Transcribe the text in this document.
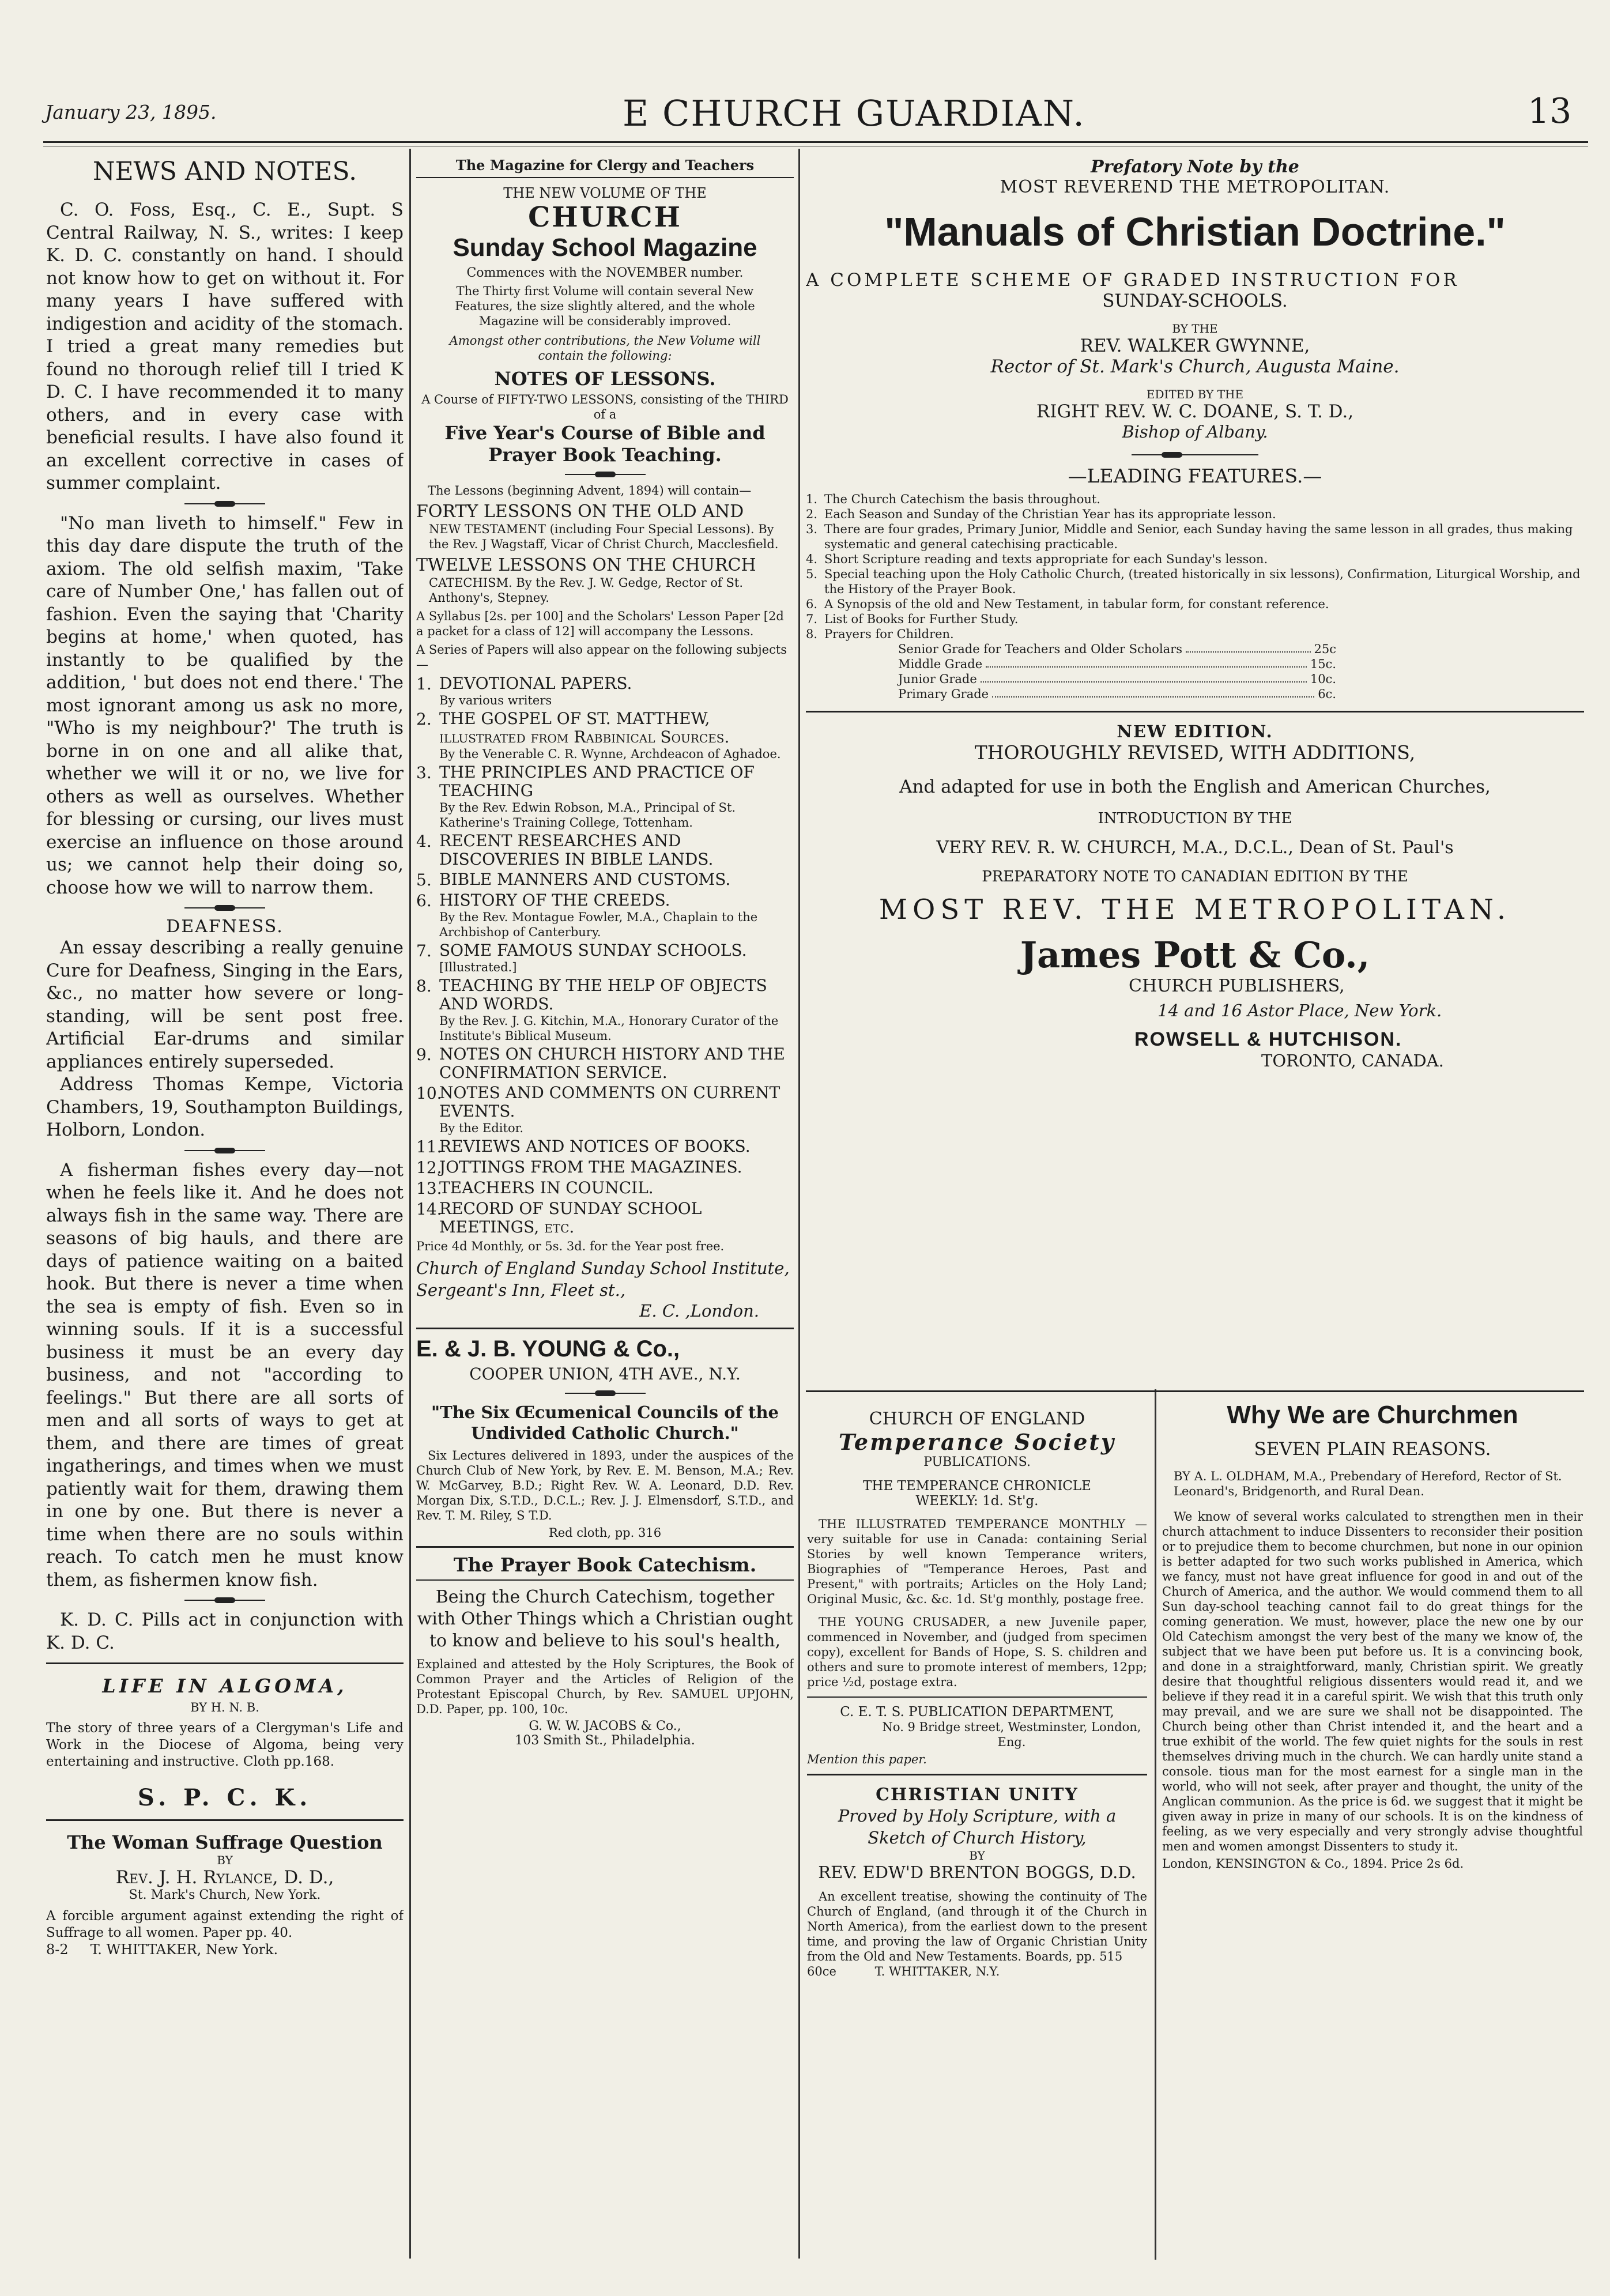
January 23, 1895.	E CHURCH GUARDIAN.	13
NEWS AND NOTES.

C. O. Foss, Esq., C. E., Supt. S Central Railway, N. S., writes: I keep K. D. C. constantly on hand. I should not know how to get on without it. For many years I have suffered with indigestion and acidity of the stomach. I tried a great many remedies but found no thorough relief till I tried K D. C. I have recommended it to many others, and in every case with beneficial results. I have also found it an excellent corrective in cases of summer complaint.

"No man liveth to himself." Few in this day dare dispute the truth of the axiom. The old selfish maxim, 'Take care of Number One,' has fallen out of fashion. Even the saying that 'Charity begins at home,' when quoted, has instantly to be qualified by the addition, ' but does not end there.' The most ignorant among us ask no more, "Who is my neighbour?' The truth is borne in on one and all alike that, whether we will it or no, we live for others as well as ourselves. Whether for blessing or cursing, our lives must exercise an influence on those around us; we cannot help their doing so, choose how we will to narrow them.

DEAFNESS.

An essay describing a really genuine Cure for Deafness, Singing in the Ears, &c., no matter how severe or long-standing, will be sent post free. Artificial Ear-drums and similar appliances entirely superseded.

Address Thomas Kempe, Victoria Chambers, 19, Southampton Buildings, Holborn, London.

A fisherman fishes every day—not when he feels like it. And he does not always fish in the same way. There are seasons of big hauls, and there are days of patience waiting on a baited hook. But there is never a time when the sea is empty of fish. Even so in winning souls. If it is a successful business it must be an every day business, and not "according to feelings." But there are all sorts of men and all sorts of ways to get at them, and there are times of great ingatherings, and times when we must patiently wait for them, drawing them in one by one. But there is never a time when there are no souls within reach. To catch men he must know them, as fishermen know fish.

K. D. C. Pills act in conjunction with K. D. C.

LIFE IN ALGOMA,
BY H. N. B.

The story of three years of a Clergyman's Life and Work in the Diocese of Algoma, being very entertaining and instructive. Cloth pp.168.

S. P. C. K.
The Woman Suffrage Question
BY
Rev. J. H. Rylance, D. D.,
St. Mark's Church, New York.

A forcible argument against extending the right of Suffrage to all women. Paper pp. 40.

8-2     T. WHITTAKER, New York.
The Magazine for Clergy and Teachers
THE NEW VOLUME OF THE
CHURCH
Sunday School Magazine
Commences with the NOVEMBER number.

The Thirty first Volume will contain several New Features, the size slightly altered, and the whole Magazine will be considerably improved.

Amongst other contributions, the New Volume will contain the following:

NOTES OF LESSONS.

A Course of FIFTY-TWO LESSONS, consisting of the THIRD of a

Five Year's Course of Bible and Prayer Book Teaching.

The Lessons (beginning Advent, 1894) will contain—

FORTY LESSONS ON THE OLD AND

NEW TESTAMENT (including Four Special Lessons). By the Rev. J Wagstaff, Vicar of Christ Church, Macclesfield.

TWELVE LESSONS ON THE CHURCH

CATECHISM. By the Rev. J. W. Gedge, Rector of St. Anthony's, Stepney.

A Syllabus [2s. per 100] and the Scholars' Lesson Paper [2d a packet for a class of 12] will accompany the Lessons.

A Series of Papers will also appear on the following subjects—

1. DEVOTIONAL PAPERS.
By various writers
2. THE GOSPEL OF ST. MATTHEW, illustrated from Rabbinical Sources.
By the Venerable C. R. Wynne, Archdeacon of Aghadoe.
3. THE PRINCIPLES AND PRACTICE OF TEACHING
By the Rev. Edwin Robson, M.A., Principal of St. Katherine's Training College, Tottenham.
4. RECENT RESEARCHES AND DISCOVERIES IN BIBLE LANDS.
5. BIBLE MANNERS AND CUSTOMS.
6. HISTORY OF THE CREEDS.
By the Rev. Montague Fowler, M.A., Chaplain to the Archbishop of Canterbury.
7. SOME FAMOUS SUNDAY SCHOOLS.
[Illustrated.]
8. TEACHING BY THE HELP OF OBJECTS AND WORDS.
By the Rev. J. G. Kitchin, M.A., Honorary Curator of the Institute's Biblical Museum.
9. NOTES ON CHURCH HISTORY AND THE CONFIRMATION SERVICE.
10.
NOTES AND COMMENTS ON CURRENT EVENTS.
By the Editor.
11.
REVIEWS AND NOTICES OF BOOKS.
12.
JOTTINGS FROM THE MAGAZINES.
13.
TEACHERS IN COUNCIL.
14.
RECORD OF SUNDAY SCHOOL MEETINGS, etc.

Price 4d Monthly, or 5s. 3d. for the Year post free.

Church of England Sunday School Institute, Sergeant's Inn, Fleet st.,

E. C. ,London.
E. & J. B. YOUNG & Co.,
COOPER UNION, 4TH AVE., N.Y.

"The Six Œcumenical Councils of the Undivided Catholic Church."

Six Lectures delivered in 1893, under the auspices of the Church Club of New York, by Rev. E. M. Benson, M.A.; Rev. W. McGarvey, B.D.; Right Rev. W. A. Leonard, D.D. Rev. Morgan Dix, S.T.D., D.C.L.; Rev. J. J. Elmensdorf, S.T.D., and Rev. T. M. Riley, S T.D.

Red cloth, pp. 316
The Prayer Book Catechism.

Being the Church Catechism, together with Other Things which a Christian ought to know and believe to his soul's health,

Explained and attested by the Holy Scriptures, the Book of Common Prayer and the Articles of Religion of the Protestant Episcopal Church, by Rev. SAMUEL UPJOHN, D.D. Paper, pp. 100, 10c.

G. W. W. JACOBS & Co.,
103 Smith St., Philadelphia.
Prefatory Note by the
MOST REVEREND THE METROPOLITAN.
"Manuals of Christian Doctrine."
A COMPLETE SCHEME OF GRADED INSTRUCTION FOR
SUNDAY-SCHOOLS.
BY THE
REV. WALKER GWYNNE,
Rector of St. Mark's Church, Augusta Maine.
EDITED BY THE
RIGHT REV. W. C. DOANE, S. T. D.,
Bishop of Albany.
—LEADING FEATURES.—
1. The Church Catechism the basis throughout.
2. Each Season and Sunday of the Christian Year has its appropriate lesson.
3. There are four grades, Primary Junior, Middle and Senior, each Sunday having the same lesson in all grades, thus making systematic and general catechising practicable.
4. Short Scripture reading and texts appropriate for each Sunday's lesson.
5. Special teaching upon the Holy Catholic Church, (treated historically in six lessons), Confirmation, Liturgical Worship, and the History of the Prayer Book.
6. A Synopsis of the old and New Testament, in tabular form, for constant reference.
7. List of Books for Further Study.
8. Prayers for Children.
Senior Grade for Teachers and Older Scholars	25c
Middle Grade	15c.
Junior Grade	10c.
Primary Grade	6c.
NEW EDITION.
THOROUGHLY REVISED, WITH ADDITIONS,
And adapted for use in both the English and American Churches,
INTRODUCTION BY THE
VERY REV. R. W. CHURCH, M.A., D.C.L., Dean of St. Paul's
PREPARATORY NOTE TO CANADIAN EDITION BY THE
MOST REV. THE METROPOLITAN.
James Pott & Co.,
CHURCH PUBLISHERS,
14 and 16 Astor Place, New York.
ROWSELL & HUTCHISON.
TORONTO, CANADA.
CHURCH OF ENGLAND
Temperance Society
PUBLICATIONS.
THE TEMPERANCE CHRONICLE
WEEKLY: 1d. St'g.

THE ILLUSTRATED TEMPERANCE MONTHLY —very suitable for use in Canada: containing Serial Stories by well known Temperance writers, Biographies of "Temperance Heroes, Past and Present," with portraits; Articles on the Holy Land; Original Music, &c. &c. 1d. St'g monthly, postage free.

THE YOUNG CRUSADER, a new Juvenile paper, commenced in November, and (judged from specimen copy), excellent for Bands of Hope, S. S. children and others and sure to promote interest of members, 12pp; price ½d, postage extra.

C. E. T. S. PUBLICATION DEPARTMENT,
No. 9 Bridge street, Westminster, London, Eng.
Mention this paper.
CHRISTIAN UNITY
Proved by Holy Scripture, with a Sketch of Church History,
BY
REV. EDW'D BRENTON BOGGS, D.D.

An excellent treatise, showing the continuity of The Church of England, (and through it of the Church in North America), from the earliest down to the present time, and proving the law of Organic Christian Unity from the Old and New Testaments. Boards, pp. 515

60ce          T. WHITTAKER, N.Y.
Why We are Churchmen
SEVEN PLAIN REASONS.

BY A. L. OLDHAM, M.A., Prebendary of Hereford, Rector of St. Leonard's, Bridgenorth, and Rural Dean.

We know of several works calculated to strengthen men in their church attachment to induce Dissenters to reconsider their position or to prejudice them to become churchmen, but none in our opinion is better adapted for two such works published in America, which we fancy, must not have great influence for good in and out of the Church of America, and the author. We would commend them to all Sun day-school teaching cannot fail to do great things for the coming generation. We must, however, place the new one by our Old Catechism amongst the very best of the many we know of, the subject that we have been put before us. It is a convincing book, and done in a straightforward, manly, Christian spirit. We greatly desire that thoughtful religious dissenters would read it, and we believe if they read it in a careful spirit. We wish that this truth only may prevail, and we are sure we shall not be disappointed. The Church being other than Christ intended it, and the heart and a true exhibit of the world. The few quiet nights for the souls in rest themselves driving much in the church. We can hardly unite stand a console. tious man for the most earnest for a single man in the world, who will not seek, after prayer and thought, the unity of the Anglican communion. As the price is 6d. we suggest that it might be given away in prize in many of our schools. It is on the kindness of feeling, as we very especially and very strongly advise thoughtful men and women amongst Dissenters to study it.

London, KENSINGTON & Co., 1894. Price 2s 6d.
